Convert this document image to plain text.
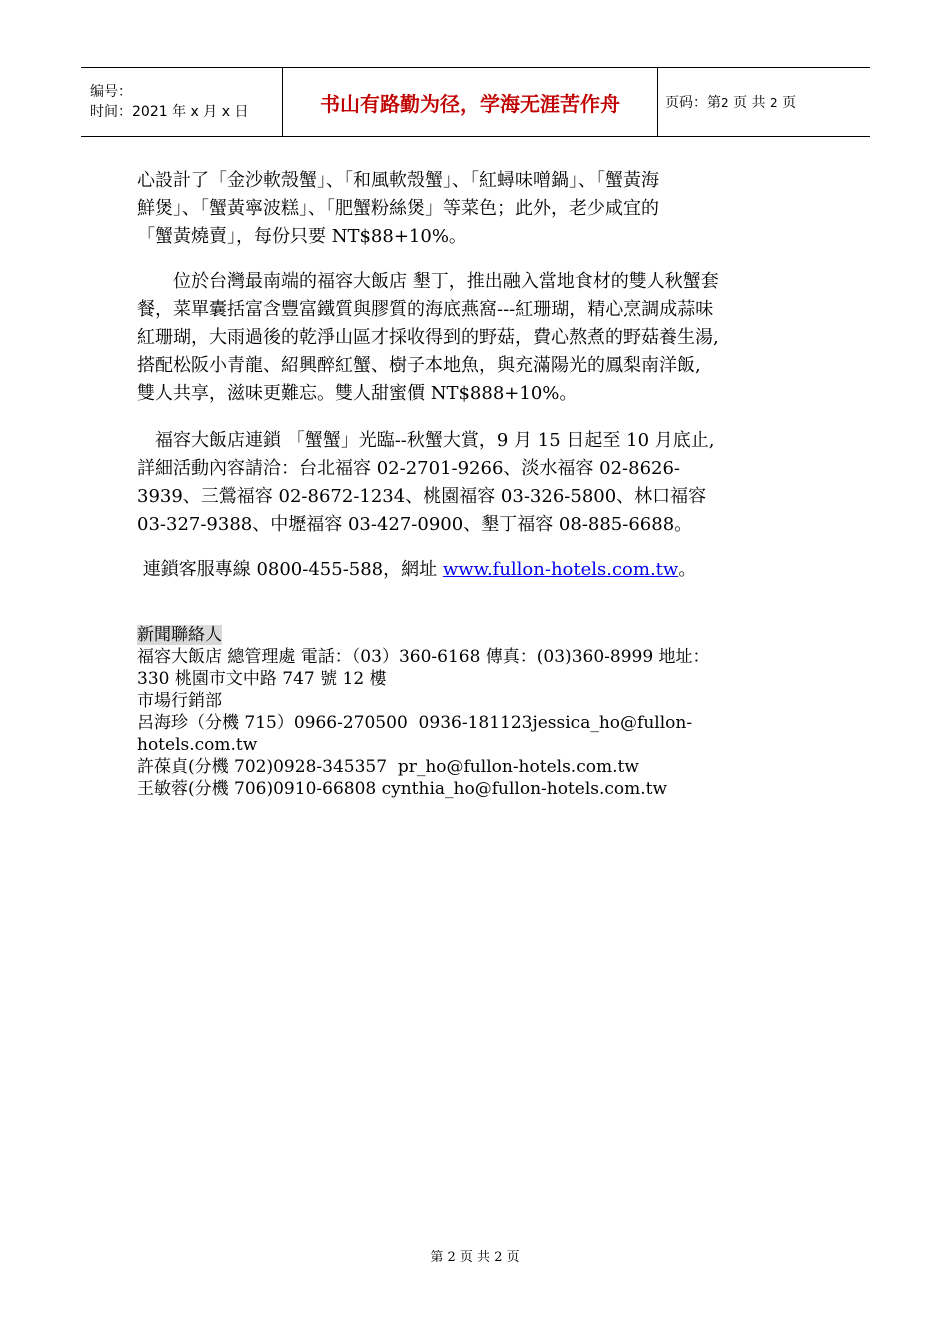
编号：
时间：2021 年 x 月 x 日	书山有路勤为径，学海无涯苦作舟	页码：第2 页 共 2 页
心設計了「金沙軟殼蟹」、「和風軟殼蟹」、「紅蟳味噌鍋」、「蟹黃海
鮮煲」、「蟹黃寧波糕」、「肥蟹粉絲煲」等菜色；此外，老少咸宜的
「蟹黃燒賣」，每份只要 NT$88+10%。
　　位於台灣最南端的福容大飯店 墾丁，推出融入當地食材的雙人秋蟹套
餐，菜單囊括富含豐富鐵質與膠質的海底燕窩---紅珊瑚，精心烹調成蒜味
紅珊瑚，大雨過後的乾淨山區才採收得到的野菇，費心熬煮的野菇養生湯,
搭配松阪小青龍、紹興醉紅蟹、樹子本地魚，與充滿陽光的鳳梨南洋飯,
雙人共享，滋味更難忘。雙人甜蜜價 NT$888+10%。
　福容大飯店連鎖 「蟹蟹」光臨--秋蟹大賞，9 月 15 日起至 10 月底止,
詳細活動內容請洽：台北福容 02-2701-9266、淡水福容 02-8626-
3939、三鶯福容 02-8672-1234、桃園福容 03-326-5800、林口福容
03-327-9388、中壢福容 03-427-0900、墾丁福容 08-885-6688。
連鎖客服專線 0800-455-588，網址 www.fullon-hotels.com.tw。
新聞聯絡人
福容大飯店 總管理處 電話：（03）360-6168 傳真：(03)360-8999 地址：
330 桃園市文中路 747 號 12 樓
市場行銷部
呂海珍（分機 715）0966-270500  0936-181123jessica_ho@fullon-
hotels.com.tw
許葆貞(分機 702)0928-345357  pr_ho@fullon-hotels.com.tw
王敏蓉(分機 706)0910-66808 cynthia_ho@fullon-hotels.com.tw
第 2 页 共 2 页
